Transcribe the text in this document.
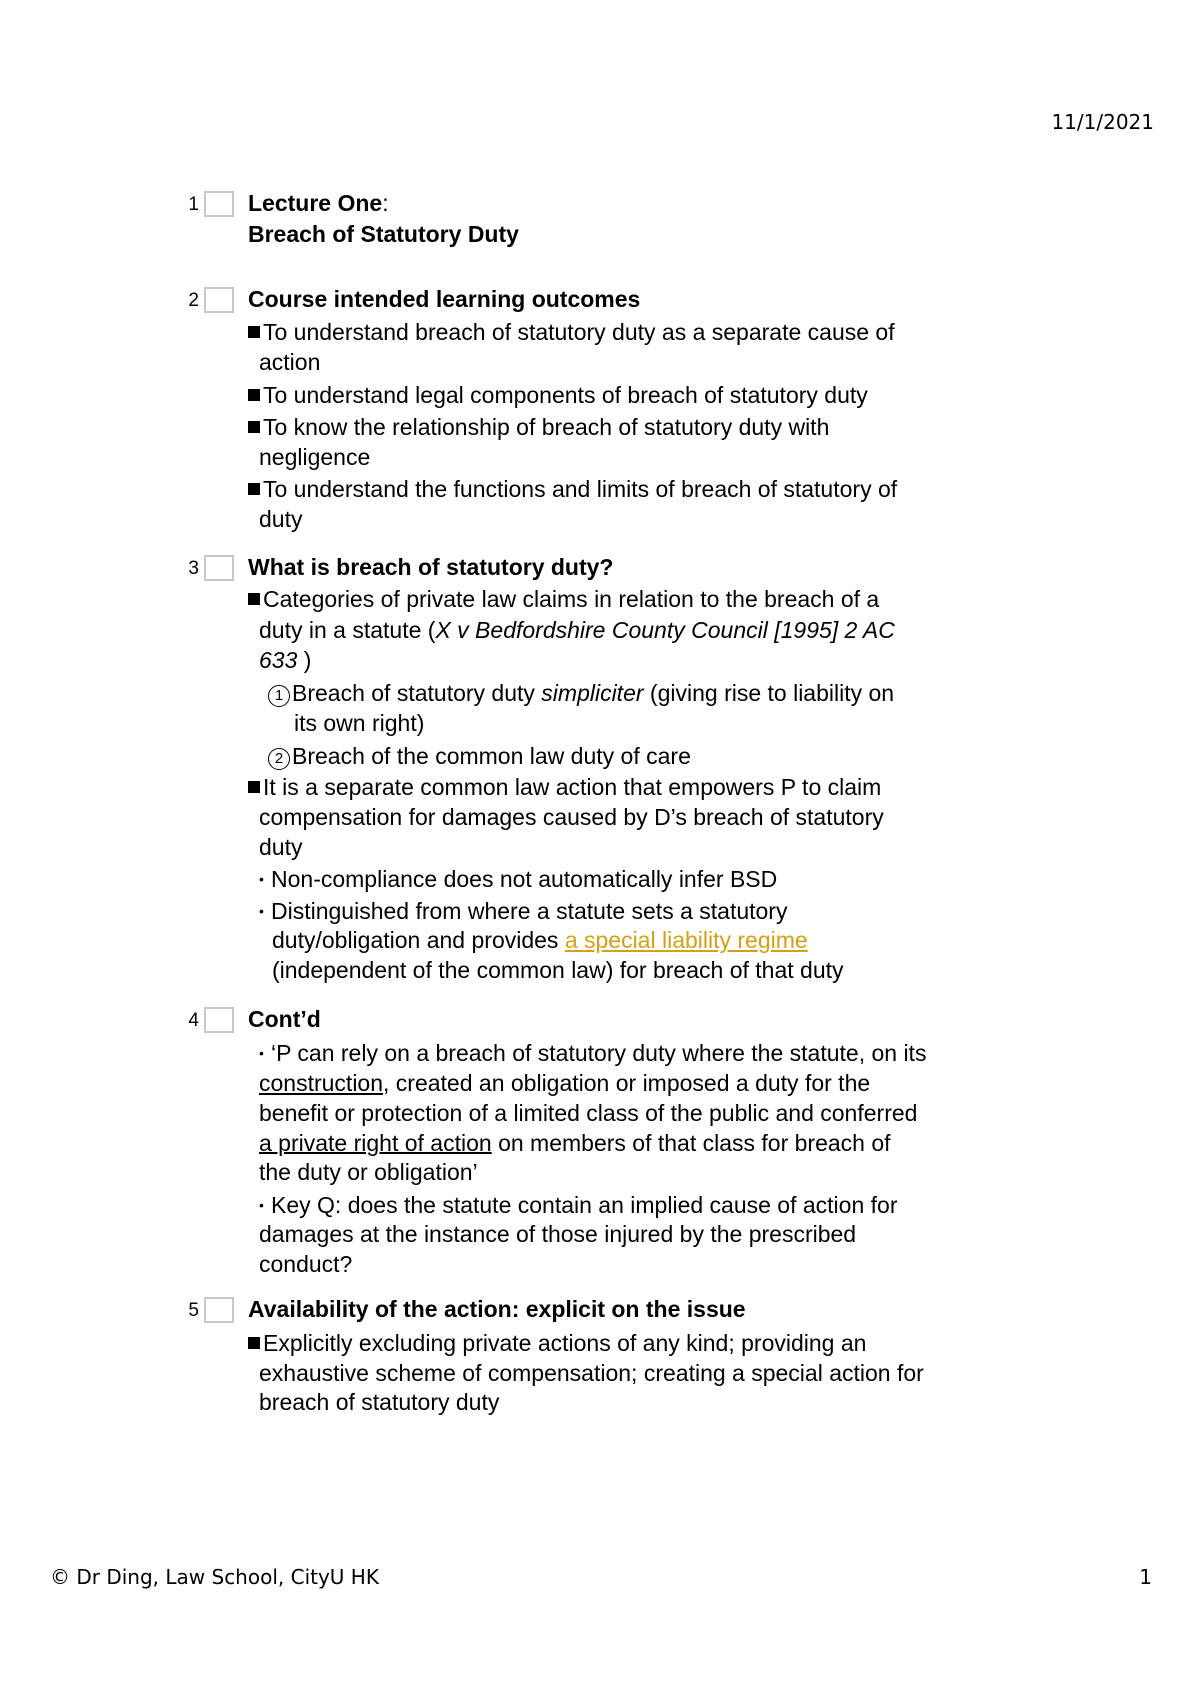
11/1/2021
1 Lecture One:
Breach of Statutory Duty
2 Course intended learning outcomes
To understand breach of statutory duty as a separate cause of
action
To understand legal components of breach of statutory duty
To know the relationship of breach of statutory duty with
negligence
To understand the functions and limits of breach of statutory of
duty
3 What is breach of statutory duty?
Categories of private law claims in relation to the breach of a
duty in a statute (X v Bedfordshire County Council [1995] 2 AC
633 )
1 Breach of statutory duty simpliciter (giving rise to liability on
its own right)
2 Breach of the common law duty of care
It is a separate common law action that empowers P to claim
compensation for damages caused by D’s breach of statutory
duty
• Non-compliance does not automatically infer BSD
• Distinguished from where a statute sets a statutory
duty/obligation and provides a special liability regime
(independent of the common law) for breach of that duty
4 Cont’d
• ‘P can rely on a breach of statutory duty where the statute, on its
construction, created an obligation or imposed a duty for the
benefit or protection of a limited class of the public and conferred
a private right of action on members of that class for breach of
the duty or obligation’
• Key Q: does the statute contain an implied cause of action for
damages at the instance of those injured by the prescribed
conduct?
5 Availability of the action: explicit on the issue
Explicitly excluding private actions of any kind; providing an
exhaustive scheme of compensation; creating a special action for
breach of statutory duty
© Dr Ding, Law School, CityU HK	1
